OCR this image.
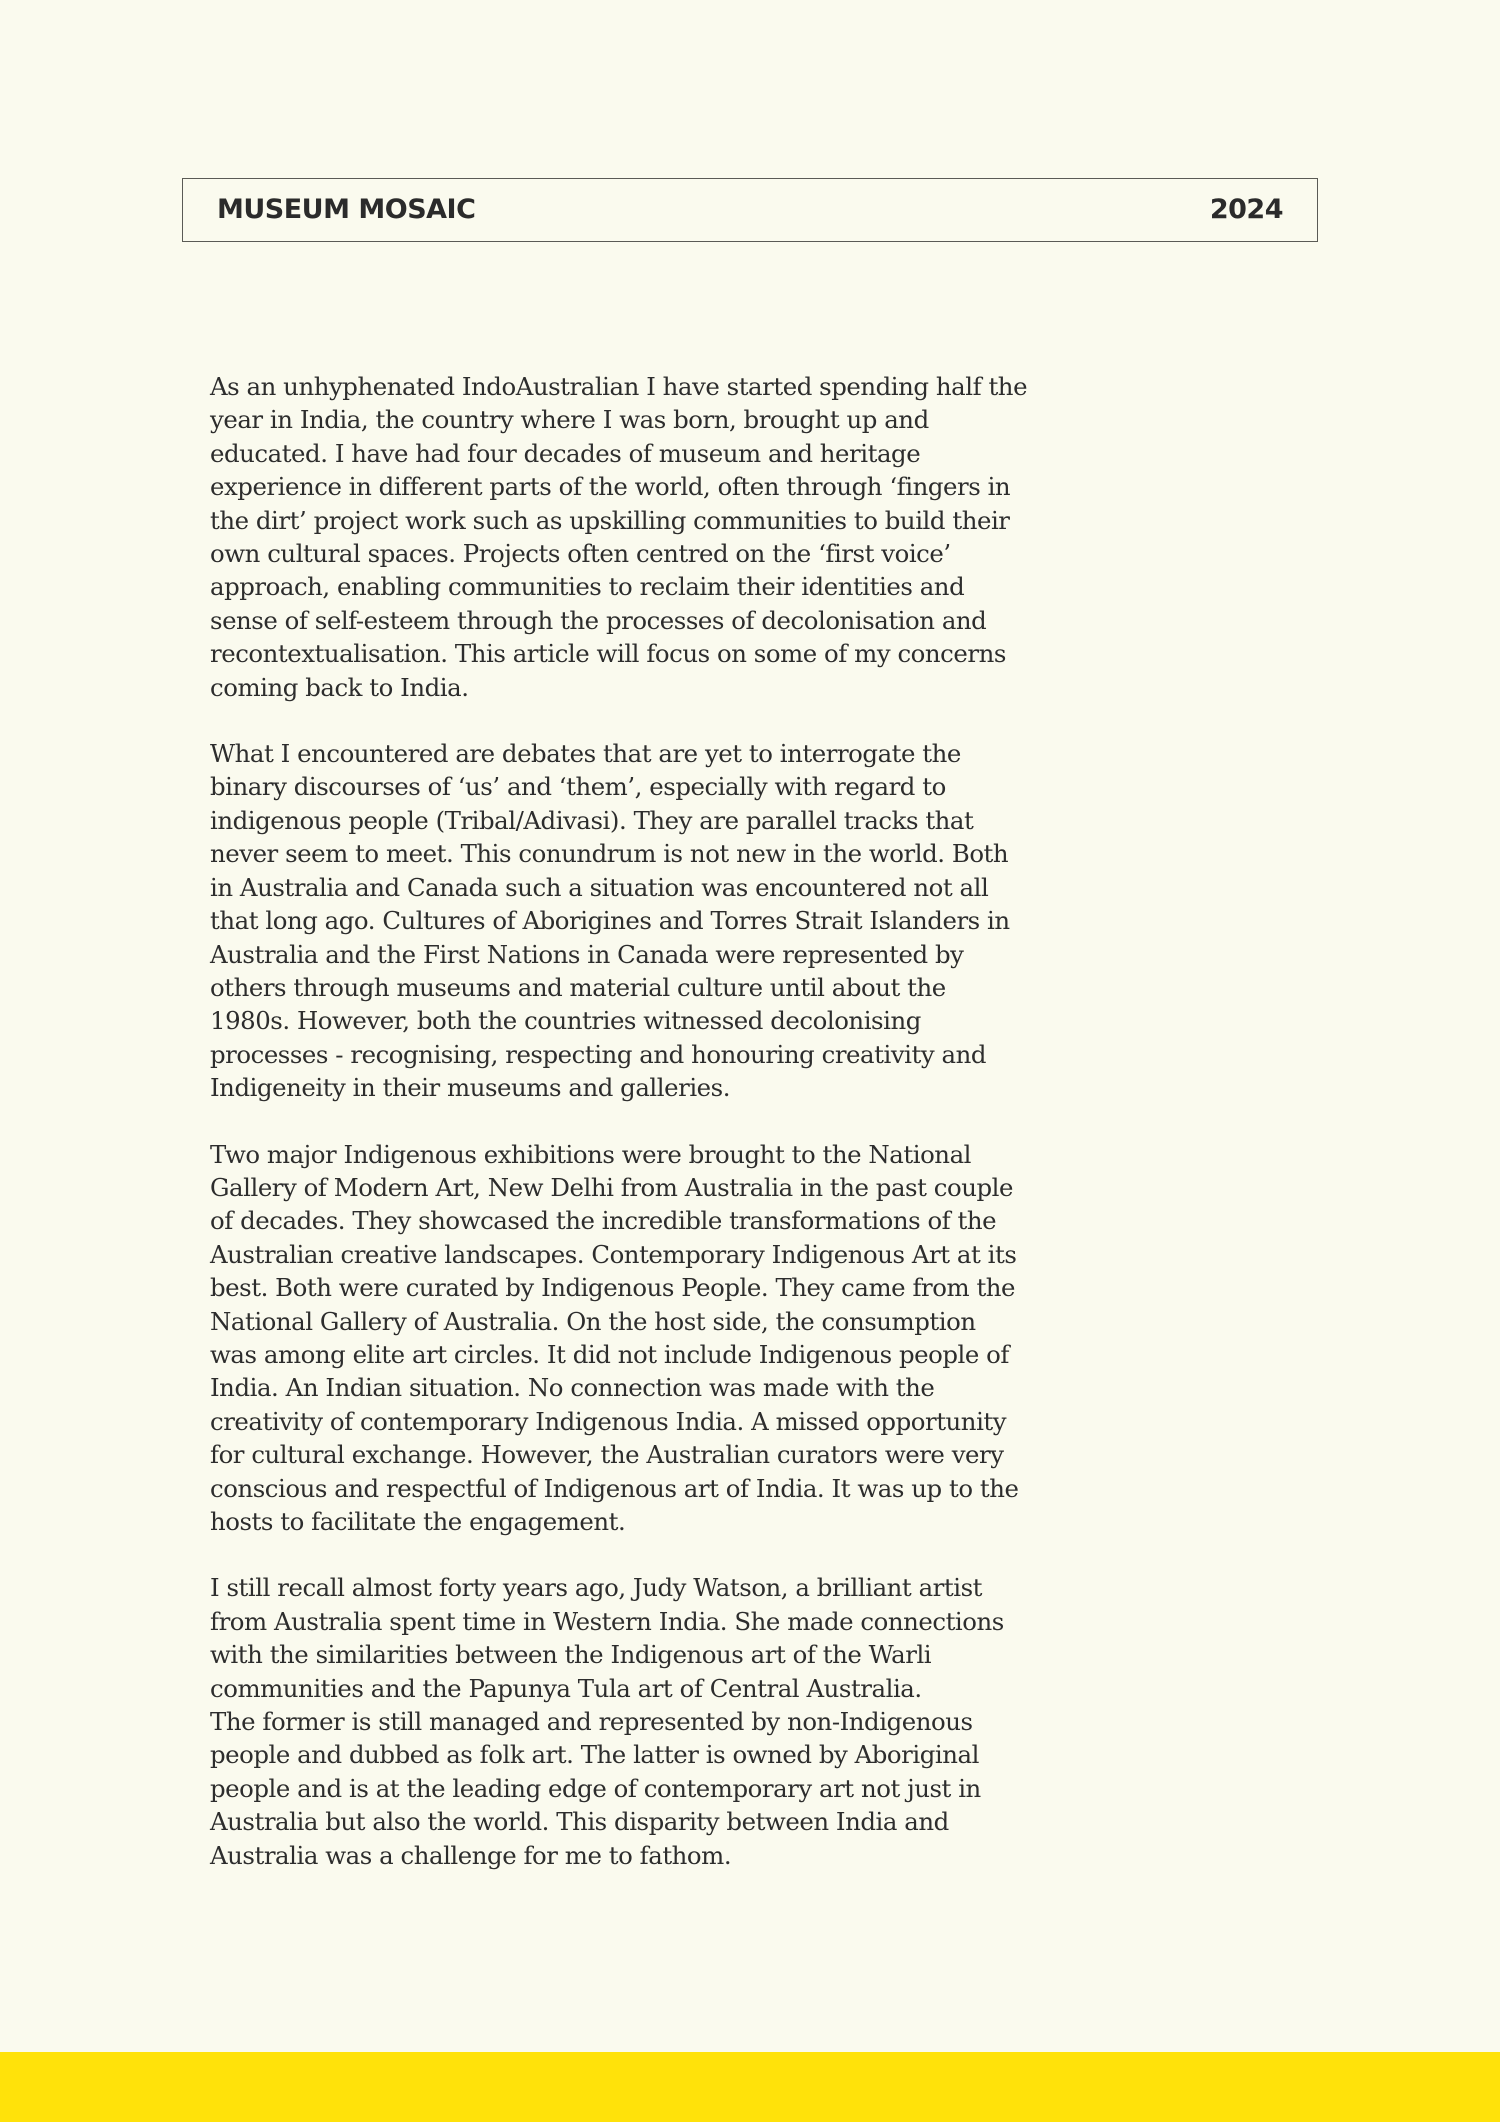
MUSEUM MOSAIC	2024

As an unhyphenated IndoAustralian I have started spending half the
year in India, the country where I was born, brought up and
educated. I have had four decades of museum and heritage
experience in different parts of the world, often through ‘fingers in
the dirt’ project work such as upskilling communities to build their
own cultural spaces. Projects often centred on the ‘first voice’
approach, enabling communities to reclaim their identities and
sense of self-esteem through the processes of decolonisation and
recontextualisation. This article will focus on some of my concerns
coming back to India.

What I encountered are debates that are yet to interrogate the
binary discourses of ‘us’ and ‘them’, especially with regard to
indigenous people (Tribal/Adivasi). They are parallel tracks that
never seem to meet. This conundrum is not new in the world. Both
in Australia and Canada such a situation was encountered not all
that long ago. Cultures of Aborigines and Torres Strait Islanders in
Australia and the First Nations in Canada were represented by
others through museums and material culture until about the
1980s. However, both the countries witnessed decolonising
processes - recognising, respecting and honouring creativity and
Indigeneity in their museums and galleries.

Two major Indigenous exhibitions were brought to the National
Gallery of Modern Art, New Delhi from Australia in the past couple
of decades. They showcased the incredible transformations of the
Australian creative landscapes. Contemporary Indigenous Art at its
best. Both were curated by Indigenous People. They came from the
National Gallery of Australia. On the host side, the consumption
was among elite art circles. It did not include Indigenous people of
India. An Indian situation. No connection was made with the
creativity of contemporary Indigenous India. A missed opportunity
for cultural exchange. However, the Australian curators were very
conscious and respectful of Indigenous art of India. It was up to the
hosts to facilitate the engagement.

I still recall almost forty years ago, Judy Watson, a brilliant artist
from Australia spent time in Western India. She made connections
with the similarities between the Indigenous art of the Warli
communities and the Papunya Tula art of Central Australia.
The former is still managed and represented by non-Indigenous
people and dubbed as folk art. The latter is owned by Aboriginal
people and is at the leading edge of contemporary art not just in
Australia but also the world. This disparity between India and
Australia was a challenge for me to fathom.
